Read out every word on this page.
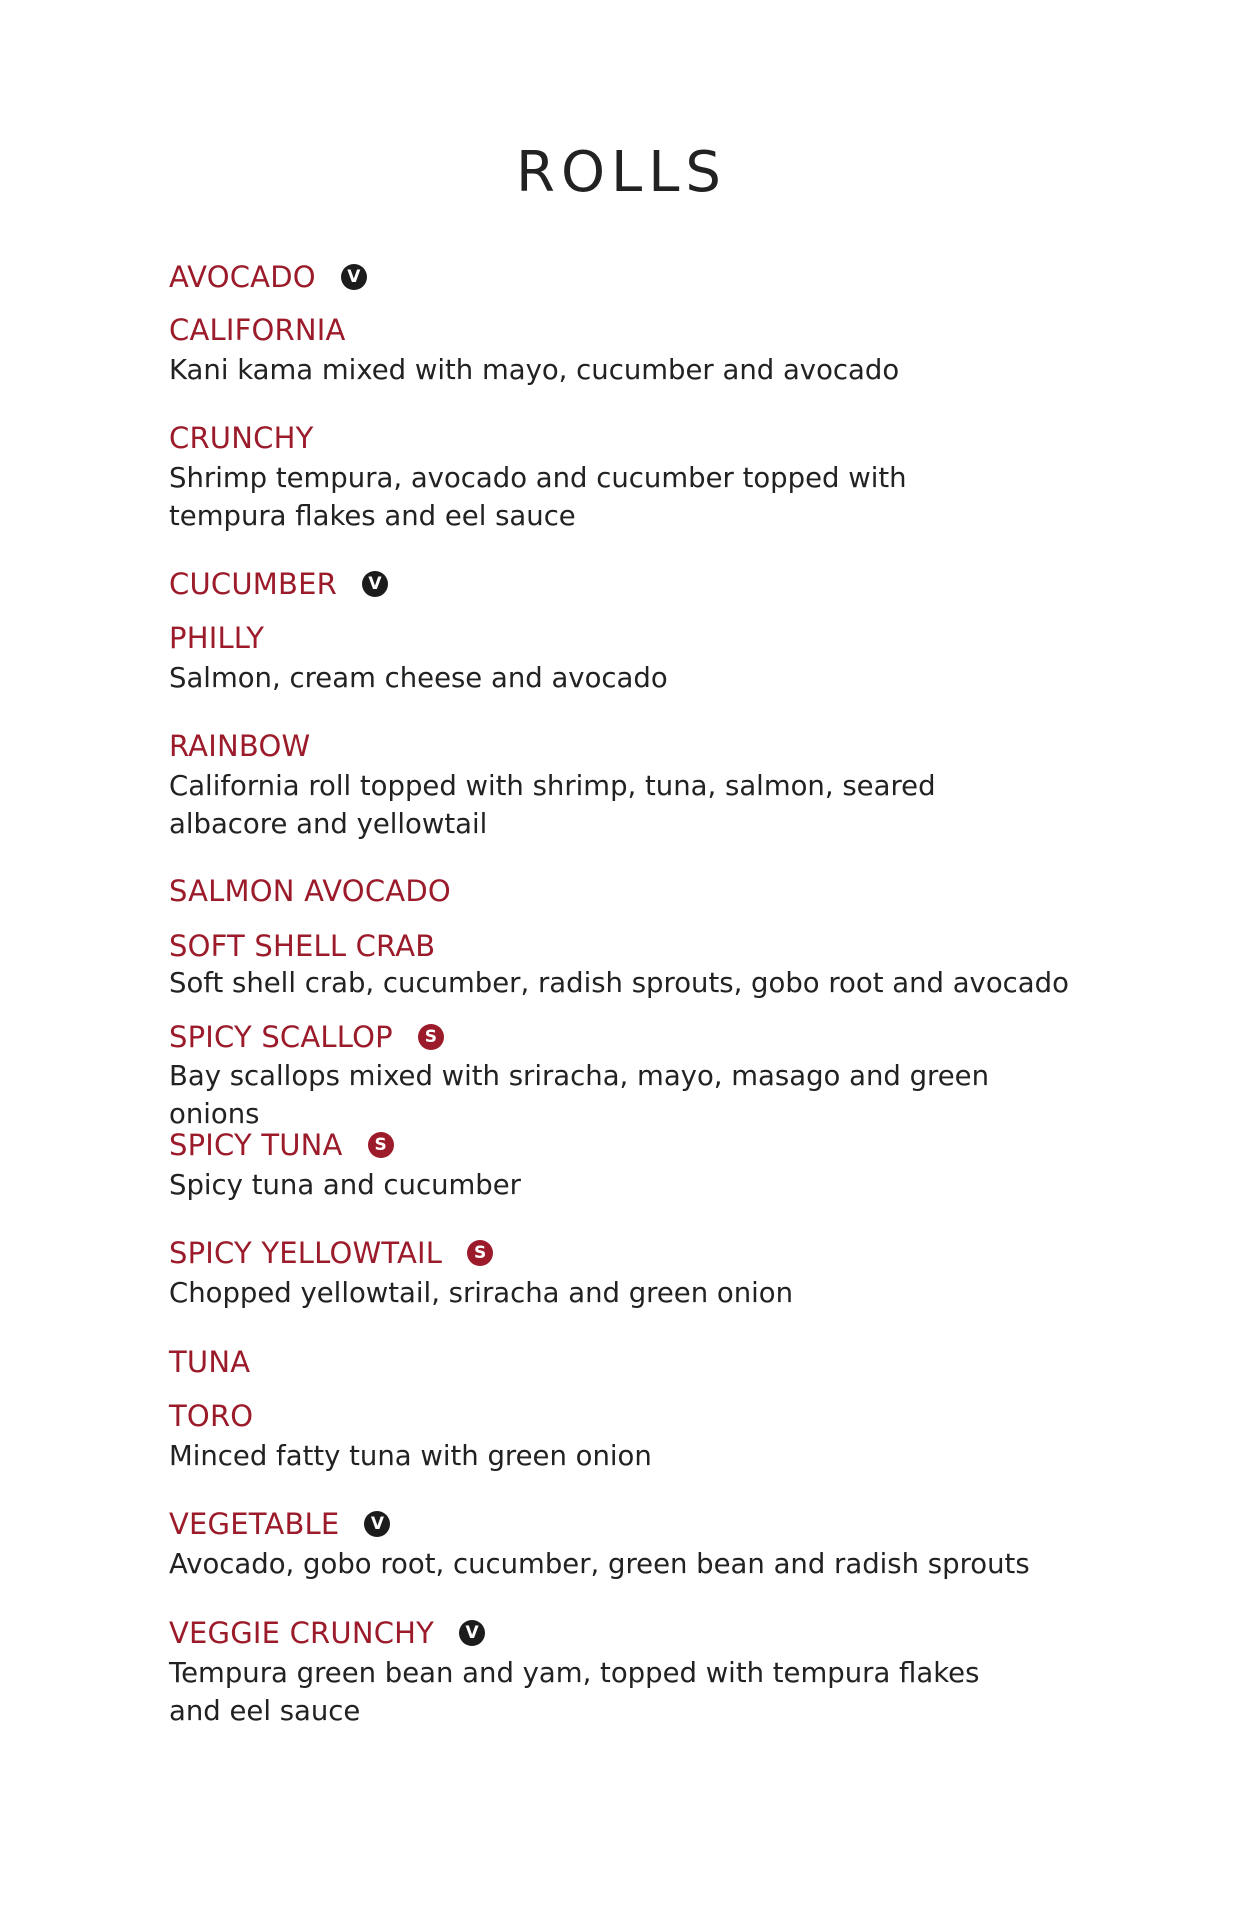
ROLLS
AVOCADO	V
CALIFORNIA
Kani kama mixed with mayo, cucumber and avocado
CRUNCHY
Shrimp tempura, avocado and cucumber topped with tempura flakes and eel sauce
CUCUMBER	V
PHILLY
Salmon, cream cheese and avocado
RAINBOW
California roll topped with shrimp, tuna, salmon, seared albacore and yellowtail
SALMON AVOCADO
SOFT SHELL CRAB
Soft shell crab, cucumber, radish sprouts, gobo root and avocado
SPICY SCALLOP	S
Bay scallops mixed with sriracha, mayo, masago and green onions
SPICY TUNA	S
Spicy tuna and cucumber
SPICY YELLOWTAIL	S
Chopped yellowtail, sriracha and green onion
TUNA
TORO
Minced fatty tuna with green onion
VEGETABLE	V
Avocado, gobo root, cucumber, green bean and radish sprouts
VEGGIE CRUNCHY	V
Tempura green bean and yam, topped with tempura flakes and eel sauce
